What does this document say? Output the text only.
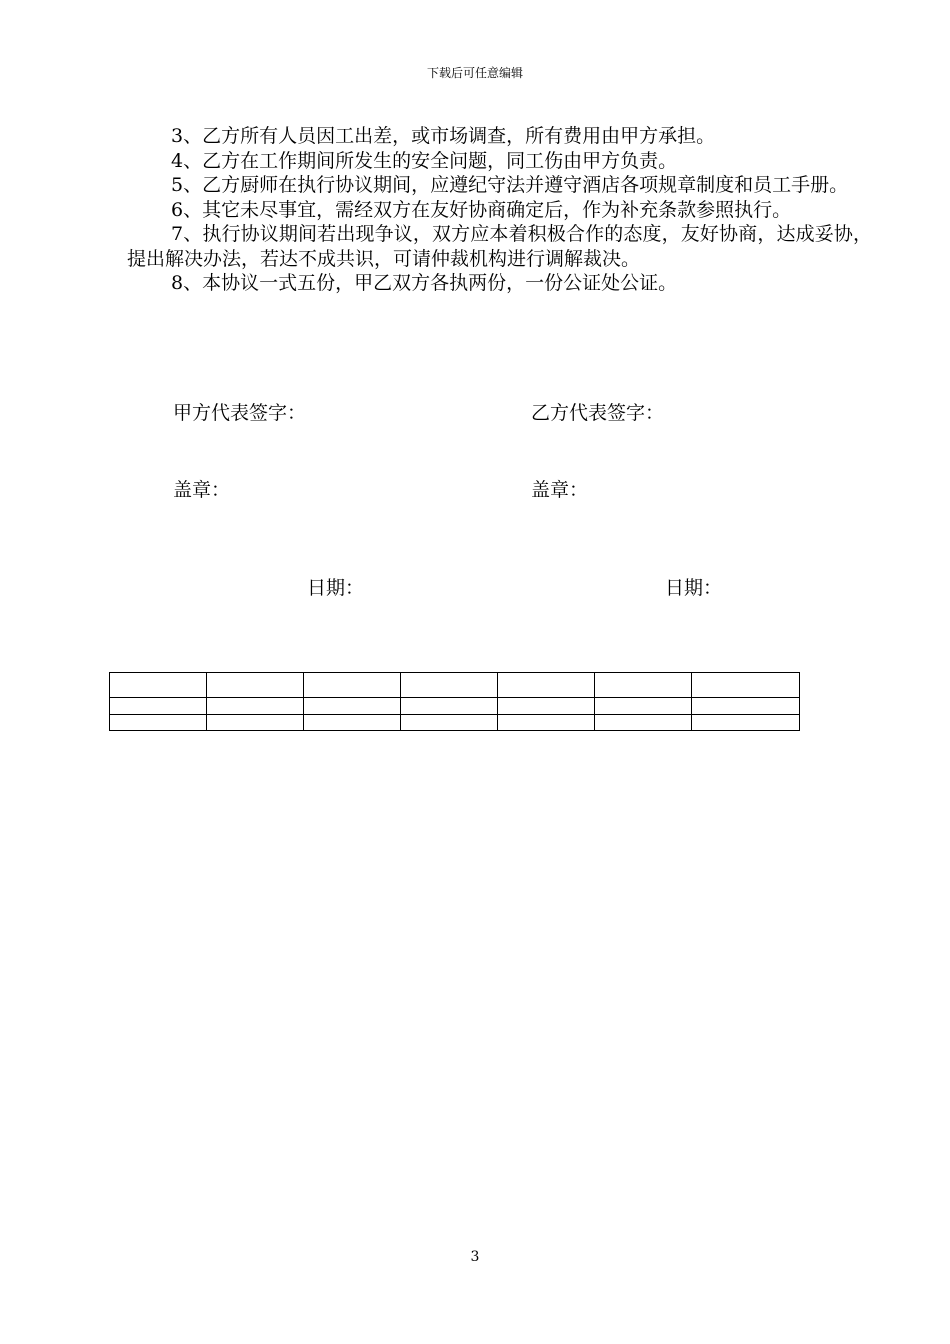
下载后可任意编辑

3、乙方所有人员因工出差，或市场调查，所有费用由甲方承担。

4、乙方在工作期间所发生的安全问题，同工伤由甲方负责。

5、乙方厨师在执行协议期间，应遵纪守法并遵守酒店各项规章制度和员工手册。

6、其它未尽事宜，需经双方在友好协商确定后，作为补充条款参照执行。

7、执行协议期间若出现争议，双方应本着积极合作的态度，友好协商，达成妥协，提出解决办法，若达不成共识，可请仲裁机构进行调解裁决。

8、本协议一式五份，甲乙双方各执两份，一份公证处公证。

甲方代表签字：	乙方代表签字：
盖章：	盖章：
日期：	日期：

3
